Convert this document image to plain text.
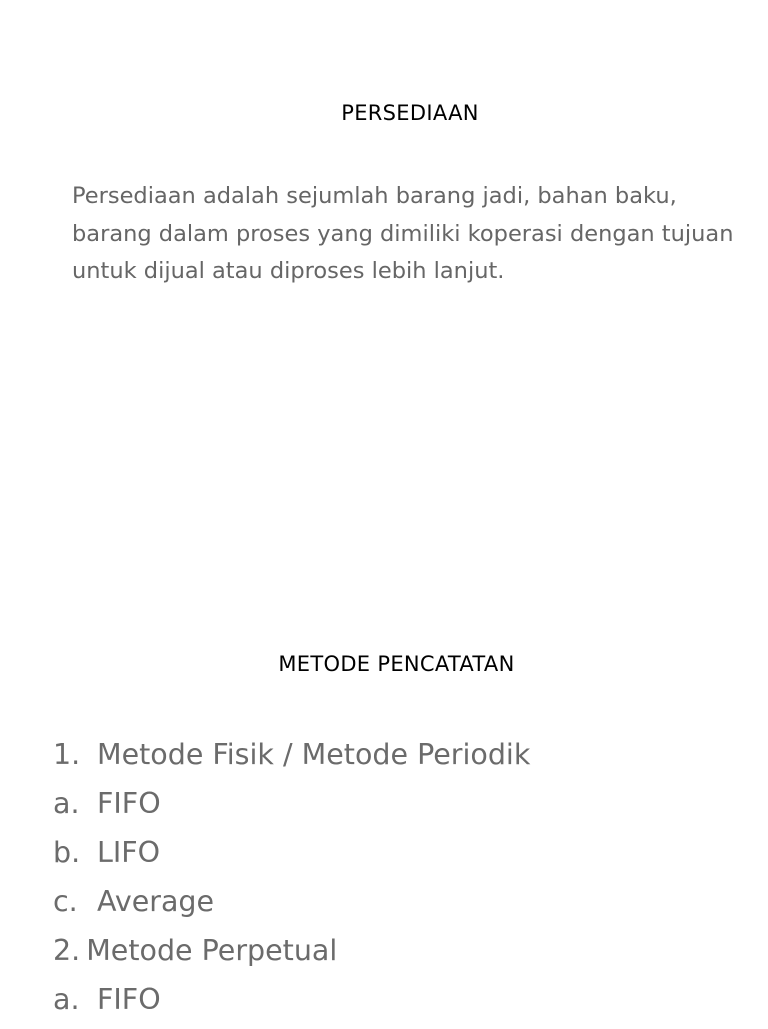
PERSEDIAAN
Persediaan adalah sejumlah barang jadi, bahan baku, barang dalam proses yang dimiliki koperasi dengan tujuan untuk dijual atau diproses lebih lanjut.
METODE PENCATATAN
1. Metode Fisik / Metode Periodik
a. FIFO
b. LIFO
c. Average
2. Metode Perpetual
a. FIFO
